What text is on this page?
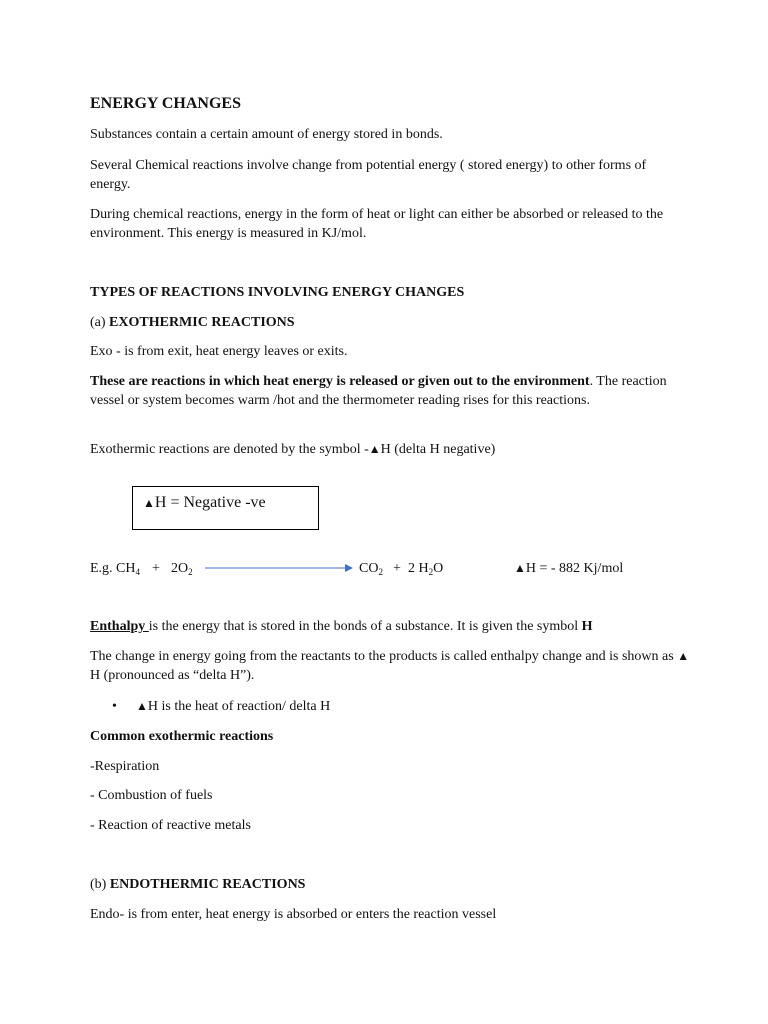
ENERGY CHANGES

Substances contain a certain amount of energy stored in bonds.

Several Chemical reactions involve change from potential energy ( stored energy) to other forms of energy.

During chemical reactions, energy in the form of heat or light can either be absorbed or released to the environment. This energy is measured in KJ/mol.

TYPES OF REACTIONS INVOLVING ENERGY CHANGES

(a) EXOTHERMIC REACTIONS

Exo - is from exit, heat energy leaves or exits.

These are reactions in which heat energy is released or given out to the environment. The reaction vessel or system becomes warm /hot and the thermometer reading rises for this reactions.

Exothermic reactions are denoted by the symbol -▲H (delta H negative)

▲H = Negative -ve
E.g. $CH_4 + 2O_2$	$CO_2 + 2$ $H_2O$	▲H = - 882 Kj/mol

Enthalpy is the energy that is stored in the bonds of a substance. It is given the symbol H

The change in energy going from the reactants to the products is called enthalpy change and is shown as ▲H (pronounced as “delta H”).

• ▲H is the heat of reaction/ delta H

Common exothermic reactions

-Respiration

- Combustion of fuels

- Reaction of reactive metals

(b) ENDOTHERMIC REACTIONS

Endo- is from enter, heat energy is absorbed or enters the reaction vessel
